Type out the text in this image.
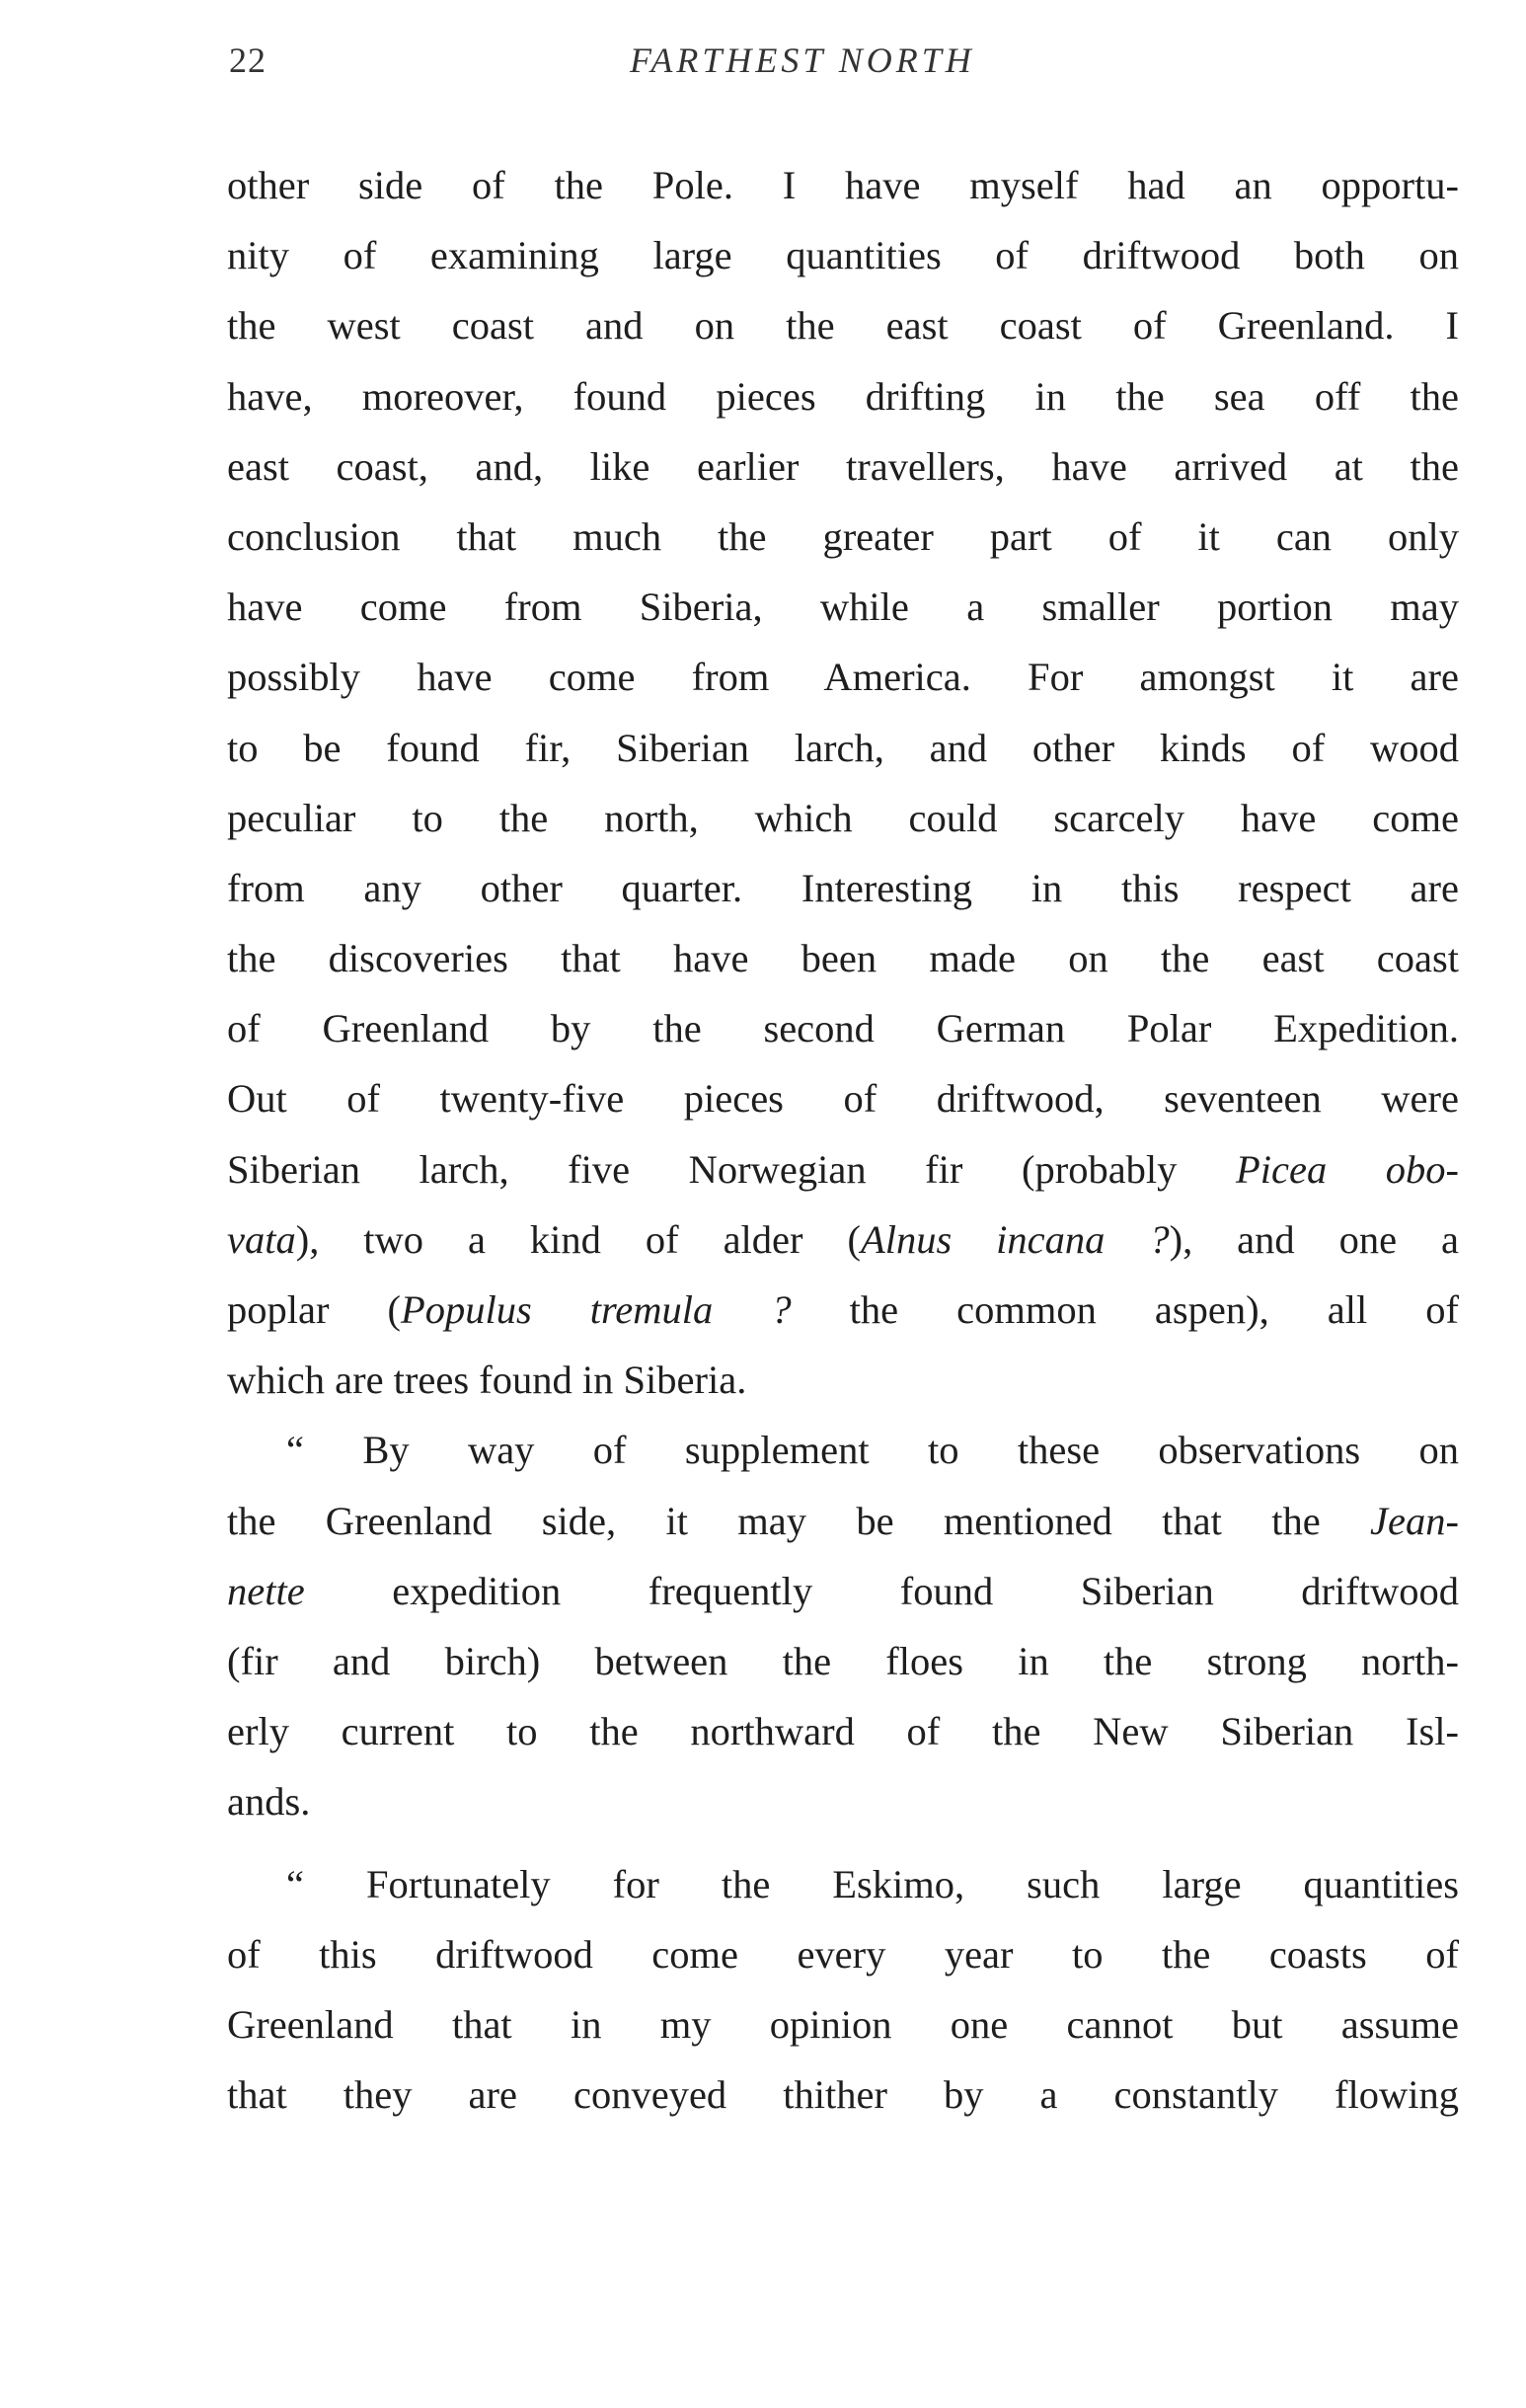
22	FARTHEST NORTH
other side of the Pole. I have myself had an opportu-
nity of examining large quantities of driftwood both on
the west coast and on the east coast of Greenland. I
have, moreover, found pieces drifting in the sea off the
east coast, and, like earlier travellers, have arrived at the
conclusion that much the greater part of it can only
have come from Siberia, while a smaller portion may
possibly have come from America. For amongst it are
to be found fir, Siberian larch, and other kinds of wood
peculiar to the north, which could scarcely have come
from any other quarter. Interesting in this respect are
the discoveries that have been made on the east coast
of Greenland by the second German Polar Expedition.
Out of twenty-five pieces of driftwood, seventeen were
Siberian larch, five Norwegian fir (probably Picea obo-
vata), two a kind of alder (Alnus incana ?), and one a
poplar (Populus tremula ? the common aspen), all of
which are trees found in Siberia.
“ By way of supplement to these observations on
the Greenland side, it may be mentioned that the Jean-
nette expedition frequently found Siberian driftwood
(fir and birch) between the floes in the strong north-
erly current to the northward of the New Siberian Isl-
ands.
“ Fortunately for the Eskimo, such large quantities
of this driftwood come every year to the coasts of
Greenland that in my opinion one cannot but assume
that they are conveyed thither by a constantly flowing
